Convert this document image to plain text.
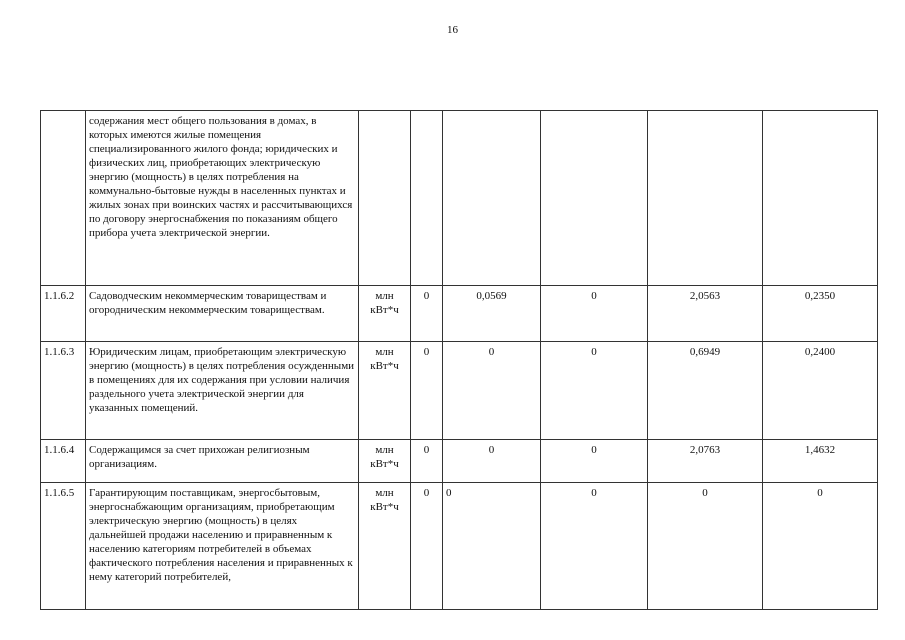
16
	содержания мест общего пользования в домах, в которых имеются жилые помещения специализированного жилого фонда; юридических и физических лиц, приобретающих электрическую энергию (мощность) в целях потребления на коммунально-бытовые нужды в населенных пунктах и жилых зонах при воинских частях и рассчитывающихся по договору энергоснабжения по показаниям общего прибора учета электрической энергии.						
1.1.6.2	Садоводческим некоммерческим товариществам и огородническим некоммерческим товариществам.	млн кВт*ч	0	0,0569	0	2,0563	0,2350
1.1.6.3	Юридическим лицам, приобретающим электрическую энергию (мощность) в целях потребления осужденными в помещениях для их содержания при условии наличия раздельного учета электрической энергии для указанных помещений.	млн кВт*ч	0	0	0	0,6949	0,2400
1.1.6.4	Содержащимся за счет прихожан религиозным организациям.	млн кВт*ч	0	0	0	2,0763	1,4632
1.1.6.5	Гарантирующим поставщикам, энергосбытовым, энергоснабжающим организациям, приобретающим электрическую энергию (мощность) в целях дальнейшей продажи населению и приравненным к населению категориям потребителей в объемах фактического потребления населения и приравненных к нему категорий потребителей,	млн кВт*ч	0	0	0	0	0
